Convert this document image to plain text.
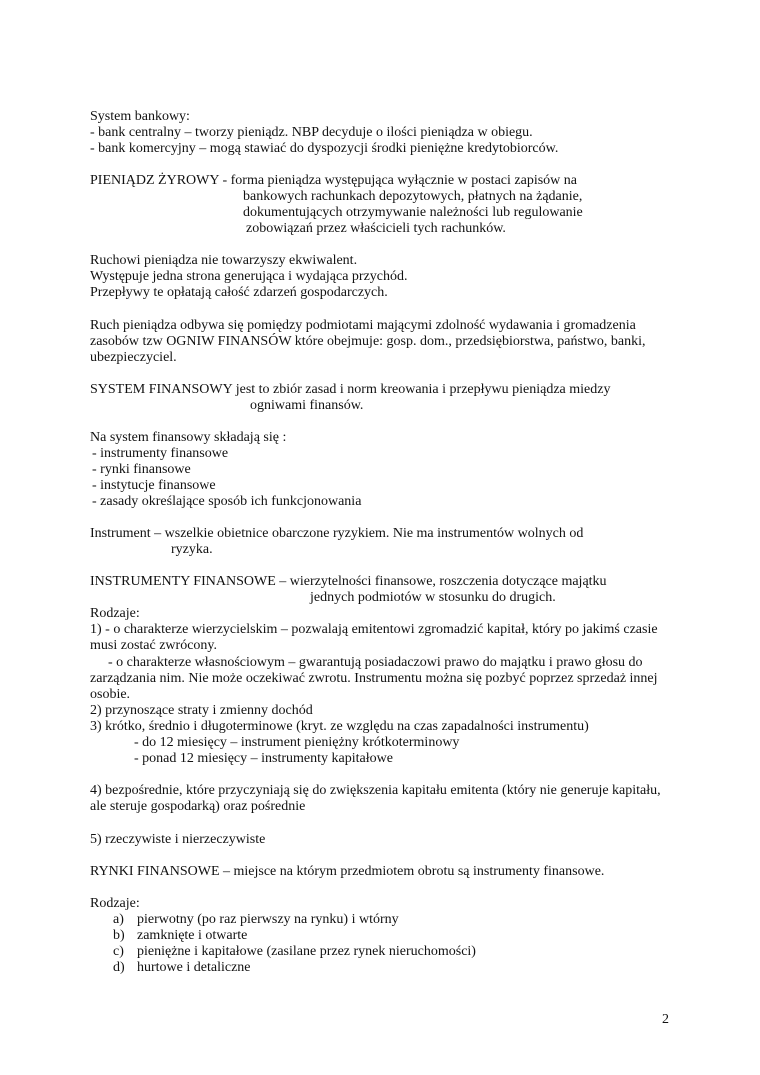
System bankowy:
- bank centralny – tworzy pieniądz. NBP decyduje o ilości pieniądza w obiegu.
- bank komercyjny – mogą stawiać do dyspozycji środki pieniężne kredytobiorców.
PIENIĄDZ ŻYROWY - forma pieniądza występująca wyłącznie w postaci zapisów na
bankowych rachunkach depozytowych, płatnych na żądanie,
dokumentujących otrzymywanie należności lub regulowanie
zobowiązań przez właścicieli tych rachunków.
Ruchowi pieniądza nie towarzyszy ekwiwalent.
Występuje jedna strona generująca i wydająca przychód.
Przepływy te opłatają całość zdarzeń gospodarczych.
Ruch pieniądza odbywa się pomiędzy podmiotami mającymi zdolność wydawania i gromadzenia
zasobów tzw OGNIW FINANSÓW które obejmuje: gosp. dom., przedsiębiorstwa, państwo, banki,
ubezpieczyciel.
SYSTEM FINANSOWY jest to zbiór zasad i norm kreowania i przepływu pieniądza miedzy
ogniwami finansów.
Na system finansowy składają się :
- instrumenty finansowe
- rynki finansowe
- instytucje finansowe
- zasady określające sposób ich funkcjonowania
Instrument – wszelkie obietnice obarczone ryzykiem. Nie ma instrumentów wolnych od
ryzyka.
INSTRUMENTY FINANSOWE – wierzytelności finansowe, roszczenia dotyczące majątku
jednych podmiotów w stosunku do drugich.
Rodzaje:
1) - o charakterze wierzycielskim – pozwalają emitentowi zgromadzić kapitał, który po jakimś czasie
musi zostać zwrócony.
- o charakterze własnościowym – gwarantują posiadaczowi prawo do majątku i prawo głosu do
zarządzania nim. Nie może oczekiwać zwrotu. Instrumentu można się pozbyć poprzez sprzedaż innej
osobie.
2) przynoszące straty i zmienny dochód
3) krótko, średnio i długoterminowe (kryt. ze względu na czas zapadalności instrumentu)
- do 12 miesięcy – instrument pieniężny krótkoterminowy
- ponad 12 miesięcy – instrumenty kapitałowe
4) bezpośrednie, które przyczyniają się do zwiększenia kapitału emitenta (który nie generuje kapitału,
ale steruje gospodarką) oraz pośrednie
5) rzeczywiste i nierzeczywiste
RYNKI FINANSOWE – miejsce na którym przedmiotem obrotu są instrumenty finansowe.
Rodzaje:
a) pierwotny (po raz pierwszy na rynku) i wtórny
b) zamknięte i otwarte
c) pieniężne i kapitałowe (zasilane przez rynek nieruchomości)
d) hurtowe i detaliczne
2
